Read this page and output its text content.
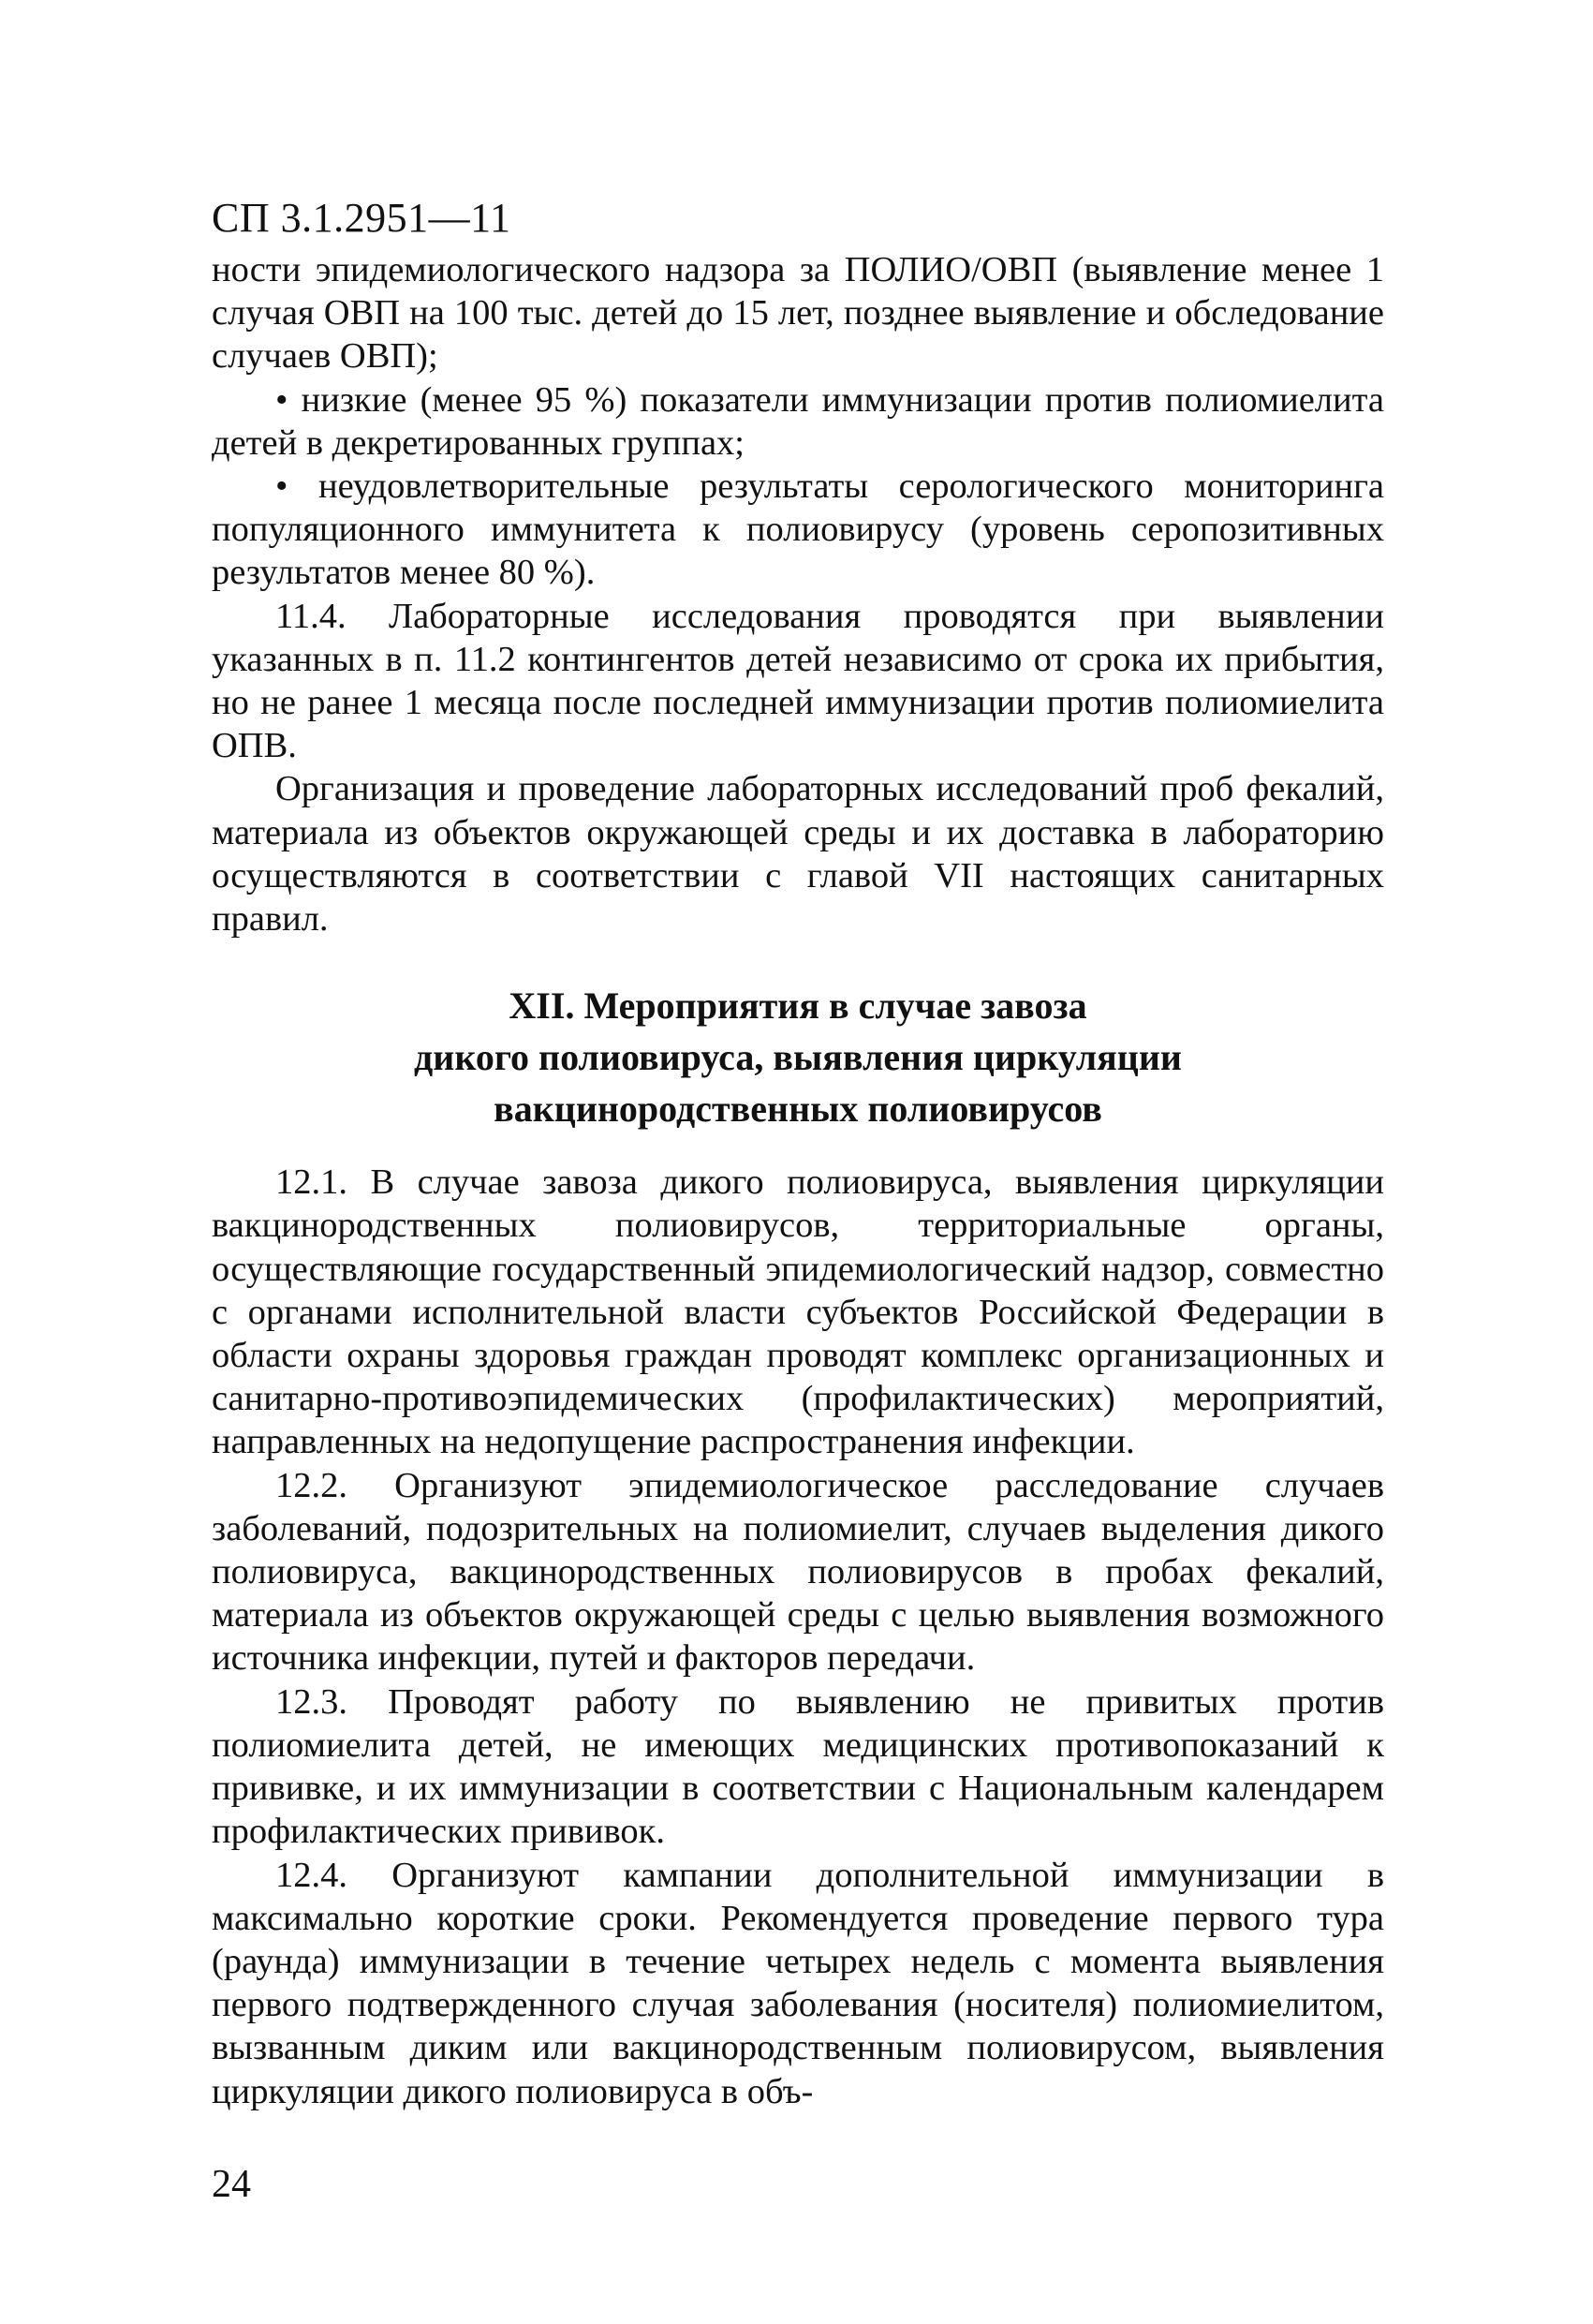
СП 3.1.2951—11

ности эпидемиологического надзора за ПОЛИО/ОВП (выявление менее 1 случая ОВП на 100 тыс. детей до 15 лет, позднее выявление и обследование случаев ОВП);

• низкие (менее 95 %) показатели иммунизации против полиомиелита детей в декретированных группах;

• неудовлетворительные результаты серологического мониторинга популяционного иммунитета к полиовирусу (уровень серопозитивных результатов менее 80 %).

11.4. Лабораторные исследования проводятся при выявлении указанных в п. 11.2 контингентов детей независимо от срока их прибытия, но не ранее 1 месяца после последней иммунизации против полиомиелита ОПВ.

Организация и проведение лабораторных исследований проб фекалий, материала из объектов окружающей среды и их доставка в лабораторию осуществляются в соответствии с главой VII настоящих санитарных правил.

XII. Мероприятия в случае завоза
дикого полиовируса, выявления циркуляции
вакцинородственных полиовирусов

12.1. В случае завоза дикого полиовируса, выявления циркуляции вакцинородственных полиовирусов, территориальные органы, осуществляющие государственный эпидемиологический надзор, совместно с органами исполнительной власти субъектов Российской Федерации в области охраны здоровья граждан проводят комплекс организационных и санитарно-противоэпидемических (профилактических) мероприятий, направленных на недопущение распространения инфекции.

12.2. Организуют эпидемиологическое расследование случаев заболеваний, подозрительных на полиомиелит, случаев выделения дикого полиовируса, вакцинородственных полиовирусов в пробах фекалий, материала из объектов окружающей среды с целью выявления возможного источника инфекции, путей и факторов передачи.

12.3. Проводят работу по выявлению не привитых против полиомиелита детей, не имеющих медицинских противопоказаний к прививке, и их иммунизации в соответствии с Национальным календарем профилактических прививок.

12.4. Организуют кампании дополнительной иммунизации в максимально короткие сроки. Рекомендуется проведение первого тура (раунда) иммунизации в течение четырех недель с момента выявления первого подтвержденного случая заболевания (носителя) полиомиелитом, вызванным диким или вакцинородственным полиовирусом, выявления циркуляции дикого полиовируса в объ-

24
